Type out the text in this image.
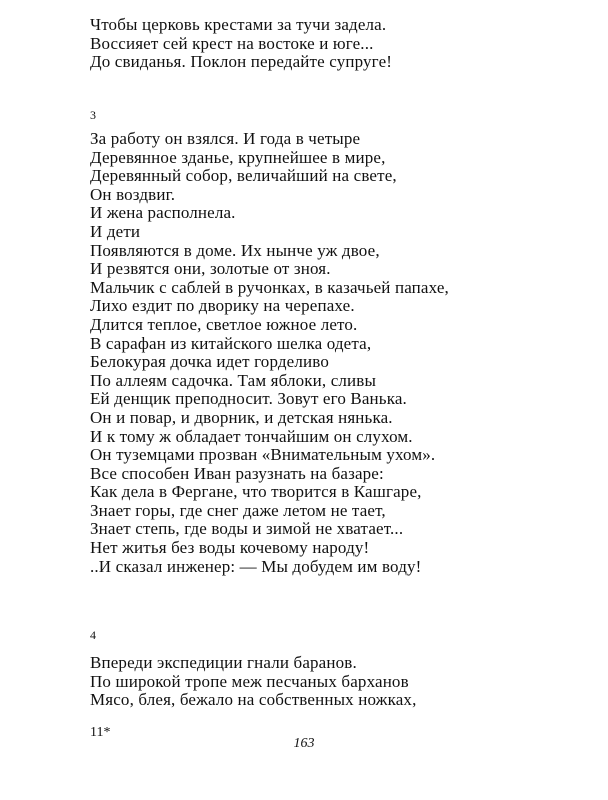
Чтобы церковь крестами за тучи задела.
Воссияет сей крест на востоке и юге...
До свиданья. Поклон передайте супруге!
3
За работу он взялся. И года в четыре
Деревянное зданье, крупнейшее в мире,
Деревянный собор, величайший на свете,
Он воздвиг.
И жена располнела.
И дети
Появляются в доме. Их нынче уж двое,
И резвятся они, золотые от зноя.
Мальчик с саблей в ручонках, в казачьей папахе,
Лихо ездит по дворику на черепахе.
Длится теплое, светлое южное лето.
В сарафан из китайского шелка одета,
Белокурая дочка идет горделиво
По аллеям садочка. Там яблоки, сливы
Ей денщик преподносит. Зовут его Ванька.
Он и повар, и дворник, и детская нянька.
И к тому ж обладает тончайшим он слухом.
Он туземцами прозван «Внимательным ухом».
Все способен Иван разузнать на базаре:
Как дела в Фергане, что творится в Кашгаре,
Знает горы, где снег даже летом не тает,
Знает степь, где воды и зимой не хватает...
Нет житья без воды кочевому народу!
..И сказал инженер: — Мы добудем им воду!
4
Впереди экспедиции гнали баранов.
По широкой тропе меж песчаных барханов
Мясо, блея, бежало на собственных ножках,
11*
163
